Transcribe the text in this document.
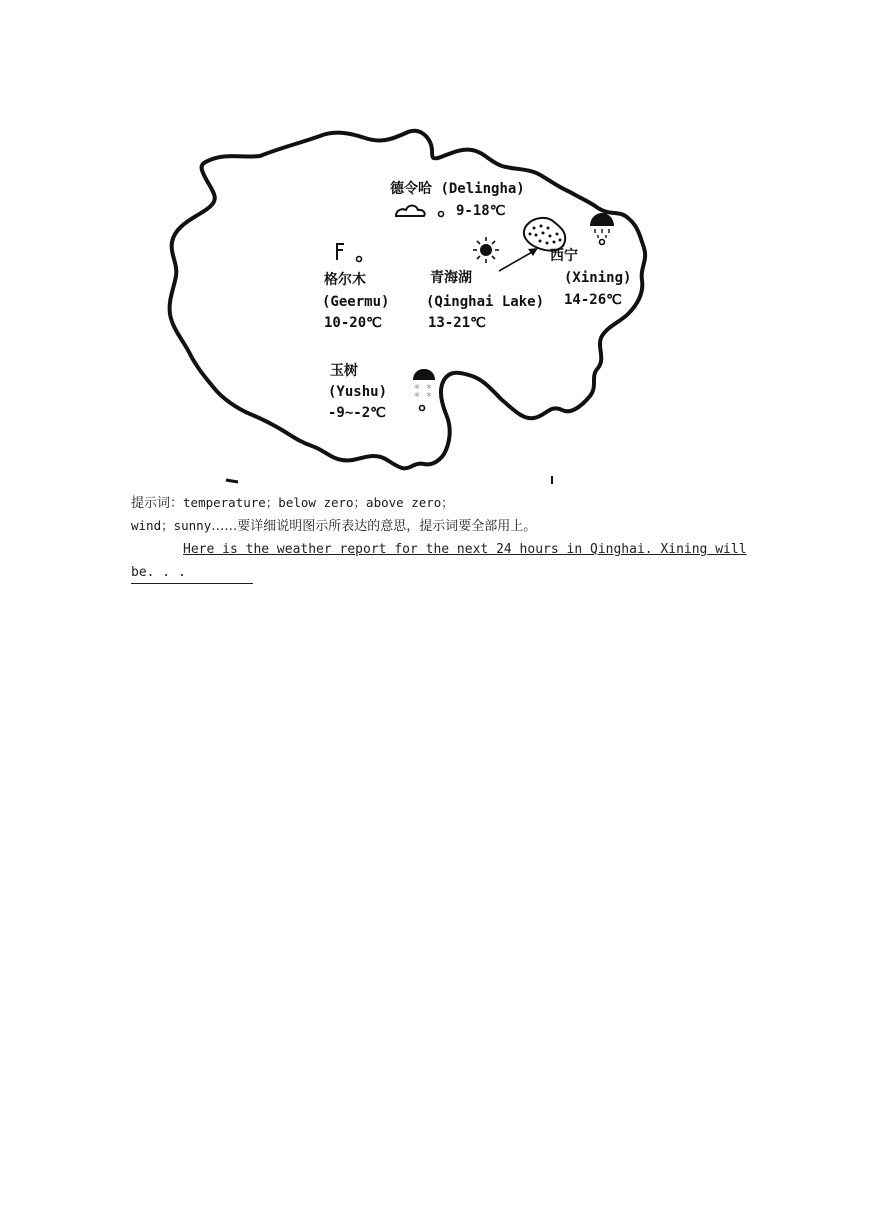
德令哈 (Delingha)
9-18℃
格尔木
(Geermu)
10-20℃
青海湖
(Qinghai Lake)
13-21℃
西宁
(Xining)
14-26℃
玉树
(Yushu)
-9~-2℃
＊ ＊
＊ ＊
提示词：temperature；below zero；above zero；
wind；sunny……要详细说明图示所表达的意思，提示词要全部用上。
Here is the weather report for the next 24 hours in Qinghai. Xining will
be. . .
